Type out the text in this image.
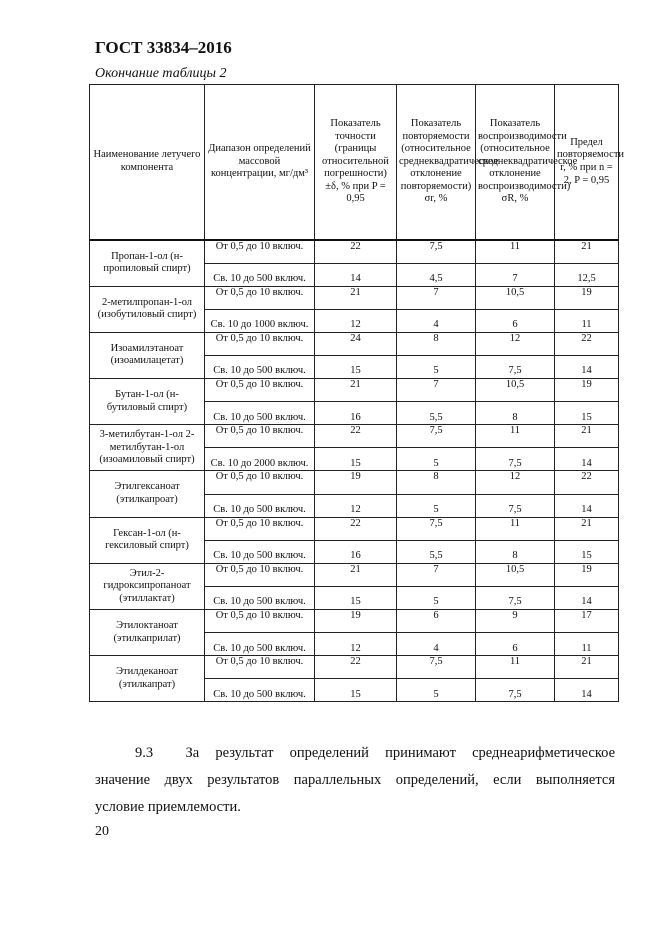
ГОСТ 33834–2016
Окончание таблицы 2
Наименование летучего компонента	Диапазон определений массовой концентрации, мг/дм³	Показатель точности (границы относительной погрешности) ±δ, % при P = 0,95	Показатель повторяемости (относительное среднеквадратическое отклонение повторяемости) σr, %	Показатель воспроизводимости (относительное среднеквадратическое отклонение воспроизводимости) σR, %	Предел повторяемости r, % при n = 2, P = 0,95
Пропан-1-ол (н- пропиловый спирт)	От 0,5 до 10 включ.	22	7,5	11	21
	Св. 10 до 500 включ.	14	4,5	7	12,5
2-метилпропан-1-ол (изобутиловый спирт)	От 0,5 до 10 включ.	21	7	10,5	19
	Св. 10 до 1000 включ.	12	4	6	11
Изоамилэтаноат (изоамилацетат)	От 0,5 до 10 включ.	24	8	12	22
	Св. 10 до 500 включ.	15	5	7,5	14
Бутан-1-ол (н- бутиловый спирт)	От 0,5 до 10 включ.	21	7	10,5	19
	Св. 10 до 500 включ.	16	5,5	8	15
3-метилбутан-1-ол 2- метилбутан-1-ол (изоамиловый спирт)	От 0,5 до 10 включ.	22	7,5	11	21
	Св. 10 до 2000 включ.	15	5	7,5	14
Этилгексаноат (этилкапроат)	От 0,5 до 10 включ.	19	8	12	22
	Св. 10 до 500 включ.	12	5	7,5	14
Гексан-1-ол (н- гексиловый спирт)	От 0,5 до 10 включ.	22	7,5	11	21
	Св. 10 до 500 включ.	16	5,5	8	15
Этил-2-гидроксипропаноат (этиллактат)	От 0,5 до 10 включ.	21	7	10,5	19
	Св. 10 до 500 включ.	15	5	7,5	14
Этилоктаноат (этилкаприлат)	От 0,5 до 10 включ.	19	6	9	17
	Св. 10 до 500 включ.	12	4	6	11
Этилдеканоат (этилкапрат)	От 0,5 до 10 включ.	22	7,5	11	21
	Св. 10 до 500 включ.	15	5	7,5	14
9.3 За результат определений принимают среднеарифметическое
значение двух результатов параллельных определений, если выполняется
условие приемлемости.
20
